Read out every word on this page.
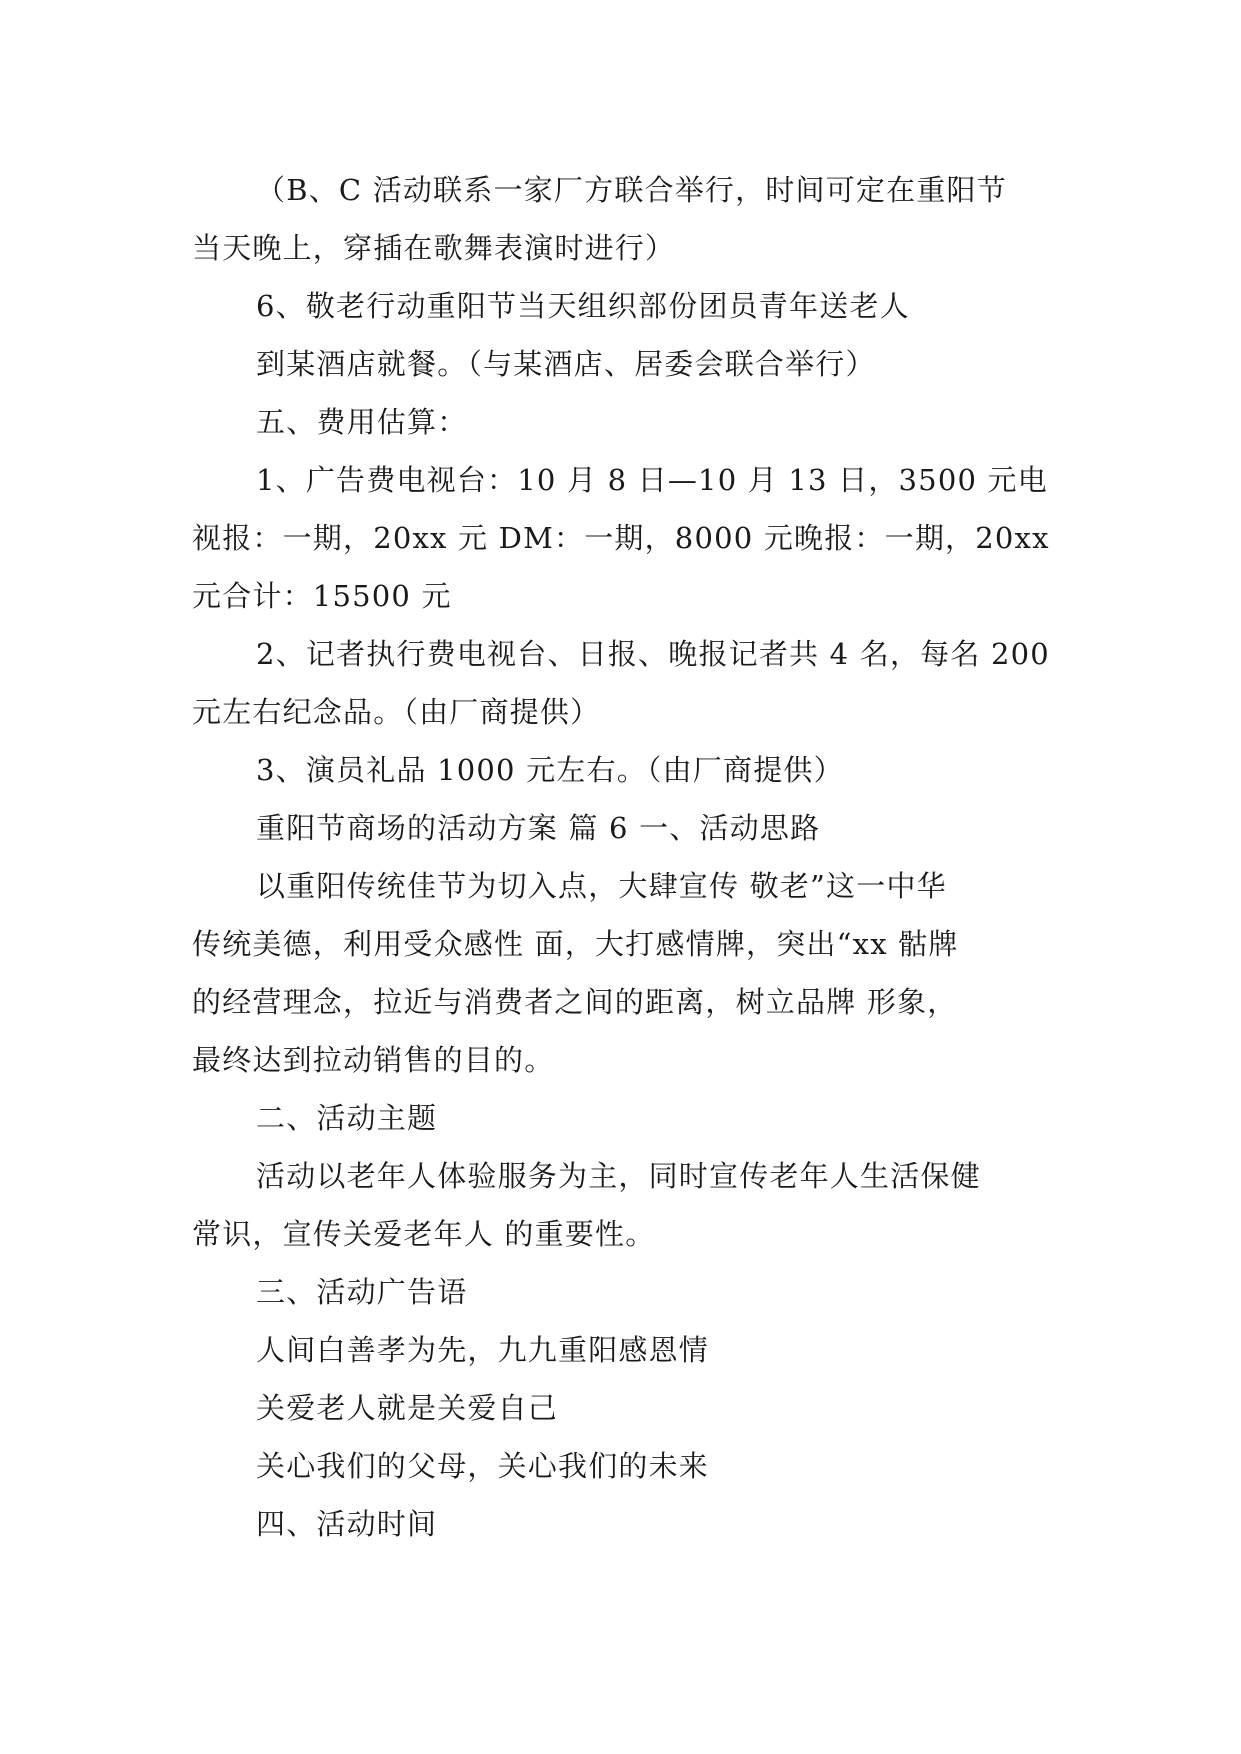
（B、C 活动联系一家厂方联合举行，时间可定在重阳节
当天晚上，穿插在歌舞表演时进行）
6、敬老行动重阳节当天组织部份团员青年送老人
到某酒店就餐。（与某酒店、居委会联合举行）
五、费用估算：
1、广告费电视台：10 月 8 日—10 月 13 日，3500 元电
视报：一期，20xx 元 DM：一期，8000 元晚报：一期，20xx
元合计：15500 元
2、记者执行费电视台、日报、晚报记者共 4 名，每名 200
元左右纪念品。（由厂商提供）
3、演员礼品 1000 元左右。（由厂商提供）
重阳节商场的活动方案 篇 6 一、活动思路
以重阳传统佳节为切入点，大肆宣传 敬老”这一中华
传统美德，利用受众感性 面，大打感情牌，突出“xx 骷牌
的经营理念，拉近与消费者之间的距离，树立品牌 形象，
最终达到拉动销售的目的。
二、活动主题
活动以老年人体验服务为主，同时宣传老年人生活保健
常识，宣传关爱老年人 的重要性。
三、活动广告语
人间白善孝为先，九九重阳感恩情
关爱老人就是关爱自己
关心我们的父母，关心我们的未来
四、活动时间
